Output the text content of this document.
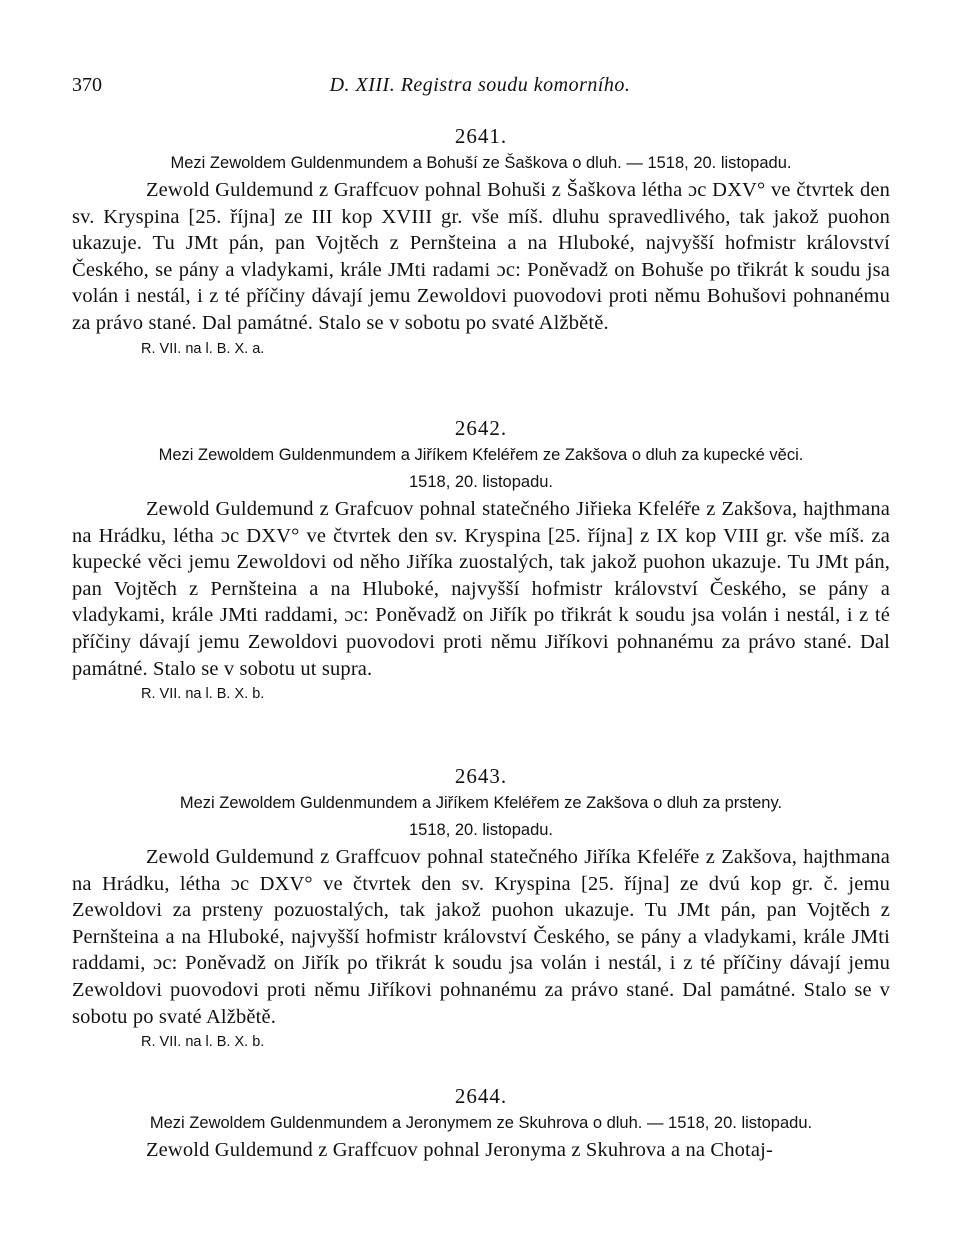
370	D. XIII. Registra soudu komorního.
2641.
Mezi Zewoldem Guldenmundem a Bohuší ze Šaškova o dluh. — 1518, 20. listopadu.

Zewold Guldemund z Graffcuov pohnal Bohuši z Šaškova létha ɔc DXV° ve čtvrtek den sv. Kryspina [25. října] ze III kop XVIII gr. vše míš. dluhu spravedlivého, tak jakož puohon ukazuje. Tu JMt pán, pan Vojtěch z Pernšteina a na Hluboké, najvyšší hofmistr království Českého, se pány a vladykami, krále JMti radami ɔc: Poněvadž on Bohuše po třikrát k soudu jsa volán i nestál, i z té příčiny dávají jemu Zewoldovi puovodovi proti němu Bohušovi pohnanému za právo stané. Dal památné. Stalo se v sobotu po svaté Alžbětě.

R. VII. na l. B. X. a.
2642.
Mezi Zewoldem Guldenmundem a Jiříkem Kfeléřem ze Zakšova o dluh za kupecké věci.
1518, 20. listopadu.

Zewold Guldemund z Grafcuov pohnal statečného Jiřieka Kfeléře z Zakšova, hajthmana na Hrádku, létha ɔc DXV° ve čtvrtek den sv. Kryspina [25. října] z IX kop VIII gr. vše míš. za kupecké věci jemu Zewoldovi od něho Jiříka zuostalých, tak jakož puohon ukazuje. Tu JMt pán, pan Vojtěch z Pernšteina a na Hluboké, najvyšší hofmistr království Českého, se pány a vladykami, krále JMti raddami, ɔc: Poněvadž on Jiřík po třikrát k soudu jsa volán i nestál, i z té příčiny dávají jemu Zewoldovi puovodovi proti němu Jiříkovi pohnanému za právo stané. Dal památné. Stalo se v sobotu ut supra.

R. VII. na l. B. X. b.
2643.
Mezi Zewoldem Guldenmundem a Jiříkem Kfeléřem ze Zakšova o dluh za prsteny.
1518, 20. listopadu.

Zewold Guldemund z Graffcuov pohnal statečného Jiříka Kfeléře z Zakšova, hajthmana na Hrádku, létha ɔc DXV° ve čtvrtek den sv. Kryspina [25. října] ze dvú kop gr. č. jemu Zewoldovi za prsteny pozuostalých, tak jakož puohon ukazuje. Tu JMt pán, pan Vojtěch z Pernšteina a na Hluboké, najvyšší hofmistr království Českého, se pány a vladykami, krále JMti raddami, ɔc: Poněvadž on Jiřík po třikrát k soudu jsa volán i nestál, i z té příčiny dávají jemu Zewoldovi puovodovi proti němu Jiříkovi pohnanému za právo stané. Dal památné. Stalo se v sobotu po svaté Alžbětě.

R. VII. na l. B. X. b.
2644.
Mezi Zewoldem Guldenmundem a Jeronymem ze Skuhrova o dluh. — 1518, 20. listopadu.

Zewold Guldemund z Graffcuov pohnal Jeronyma z Skuhrova a na Chotaj-
